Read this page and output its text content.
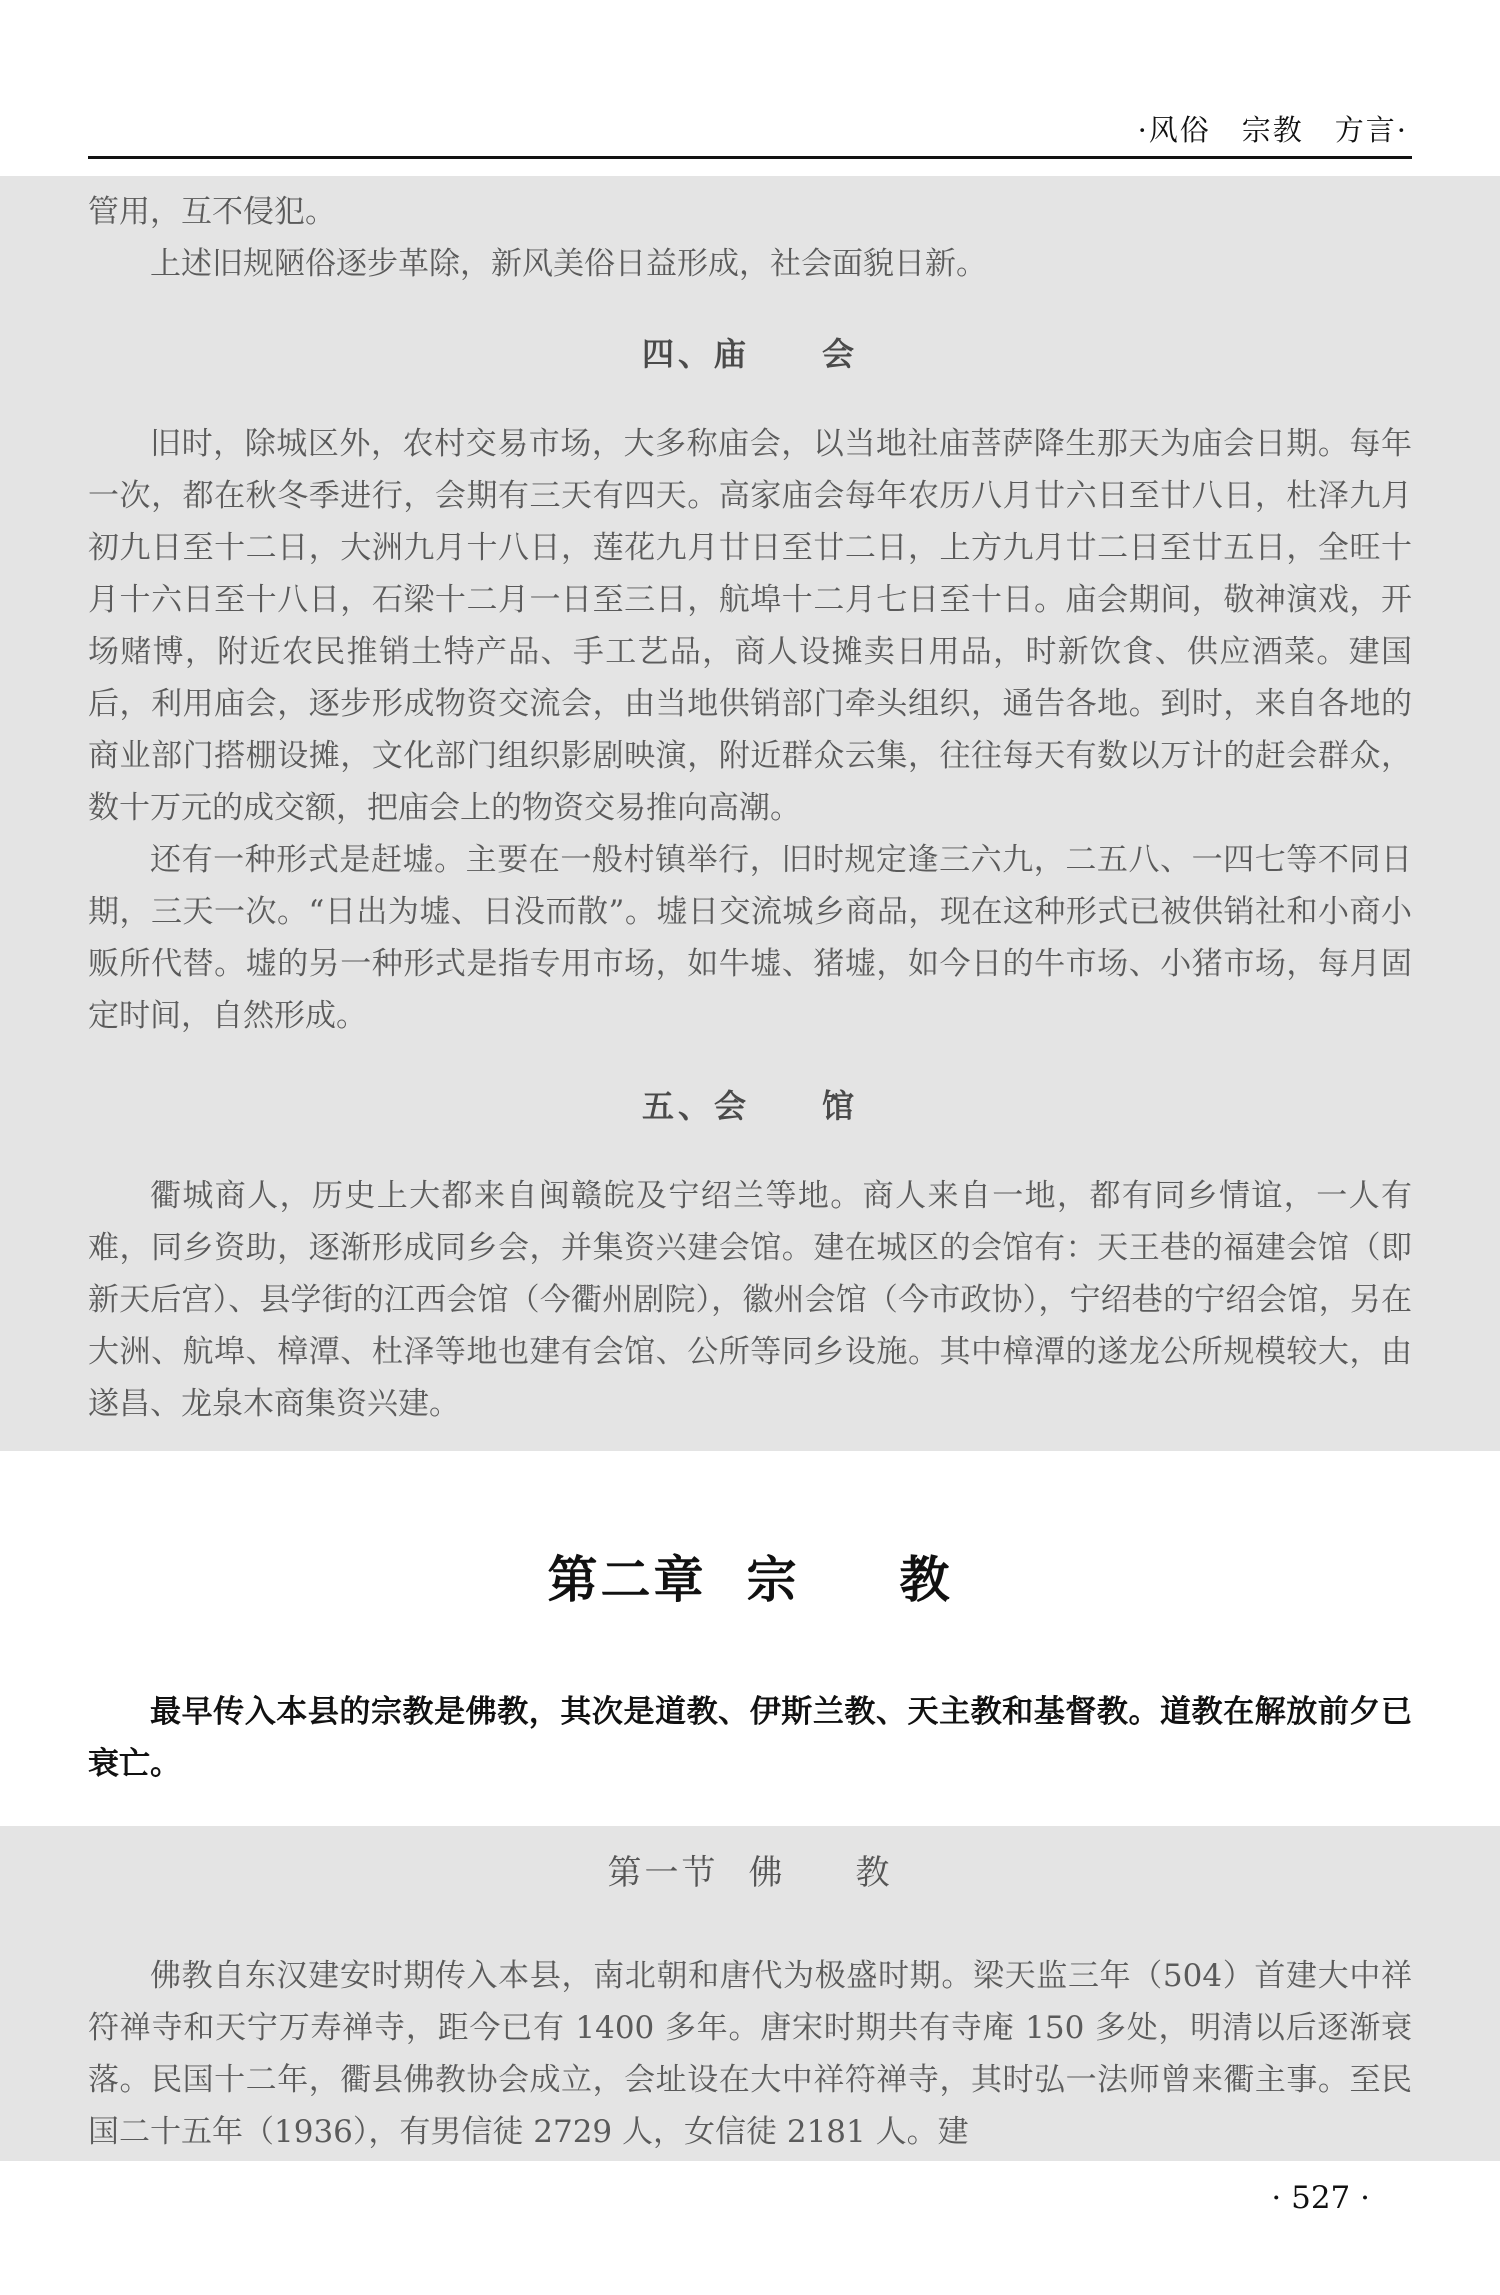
·风俗　宗教　方言·

管用，互不侵犯。

上述旧规陋俗逐步革除，新风美俗日益形成，社会面貌日新。

四、庙　　会

旧时，除城区外，农村交易市场，大多称庙会，以当地社庙菩萨降生那天为庙会日期。每年一次，都在秋冬季进行，会期有三天有四天。高家庙会每年农历八月廿六日至廿八日，杜泽九月初九日至十二日，大洲九月十八日，莲花九月廿日至廿二日，上方九月廿二日至廿五日，全旺十月十六日至十八日，石梁十二月一日至三日，航埠十二月七日至十日。庙会期间，敬神演戏，开场赌博，附近农民推销土特产品、手工艺品，商人设摊卖日用品，时新饮食、供应酒菜。建国后，利用庙会，逐步形成物资交流会，由当地供销部门牵头组织，通告各地。到时，来自各地的商业部门搭棚设摊，文化部门组织影剧映演，附近群众云集，往往每天有数以万计的赶会群众，数十万元的成交额，把庙会上的物资交易推向高潮。

还有一种形式是赶墟。主要在一般村镇举行，旧时规定逢三六九，二五八、一四七等不同日期，三天一次。“日出为墟、日没而散”。墟日交流城乡商品，现在这种形式已被供销社和小商小贩所代替。墟的另一种形式是指专用市场，如牛墟、猪墟，如今日的牛市场、小猪市场，每月固定时间，自然形成。

五、会　　馆

衢城商人，历史上大都来自闽赣皖及宁绍兰等地。商人来自一地，都有同乡情谊，一人有难，同乡资助，逐渐形成同乡会，并集资兴建会馆。建在城区的会馆有：天王巷的福建会馆（即新天后宫）、县学街的江西会馆（今衢州剧院），徽州会馆（今市政协），宁绍巷的宁绍会馆，另在大洲、航埠、樟潭、杜泽等地也建有会馆、公所等同乡设施。其中樟潭的遂龙公所规模较大，由遂昌、龙泉木商集资兴建。

第二章 宗 教

最早传入本县的宗教是佛教，其次是道教、伊斯兰教、天主教和基督教。道教在解放前夕已衰亡。

第一节 佛 教

佛教自东汉建安时期传入本县，南北朝和唐代为极盛时期。梁天监三年（504）首建大中祥符禅寺和天宁万寿禅寺，距今已有 1400 多年。唐宋时期共有寺庵 150 多处，明清以后逐渐衰落。民国十二年，衢县佛教协会成立，会址设在大中祥符禅寺，其时弘一法师曾来衢主事。至民国二十五年（1936），有男信徒 2729 人，女信徒 2181 人。建

· 527 ·
